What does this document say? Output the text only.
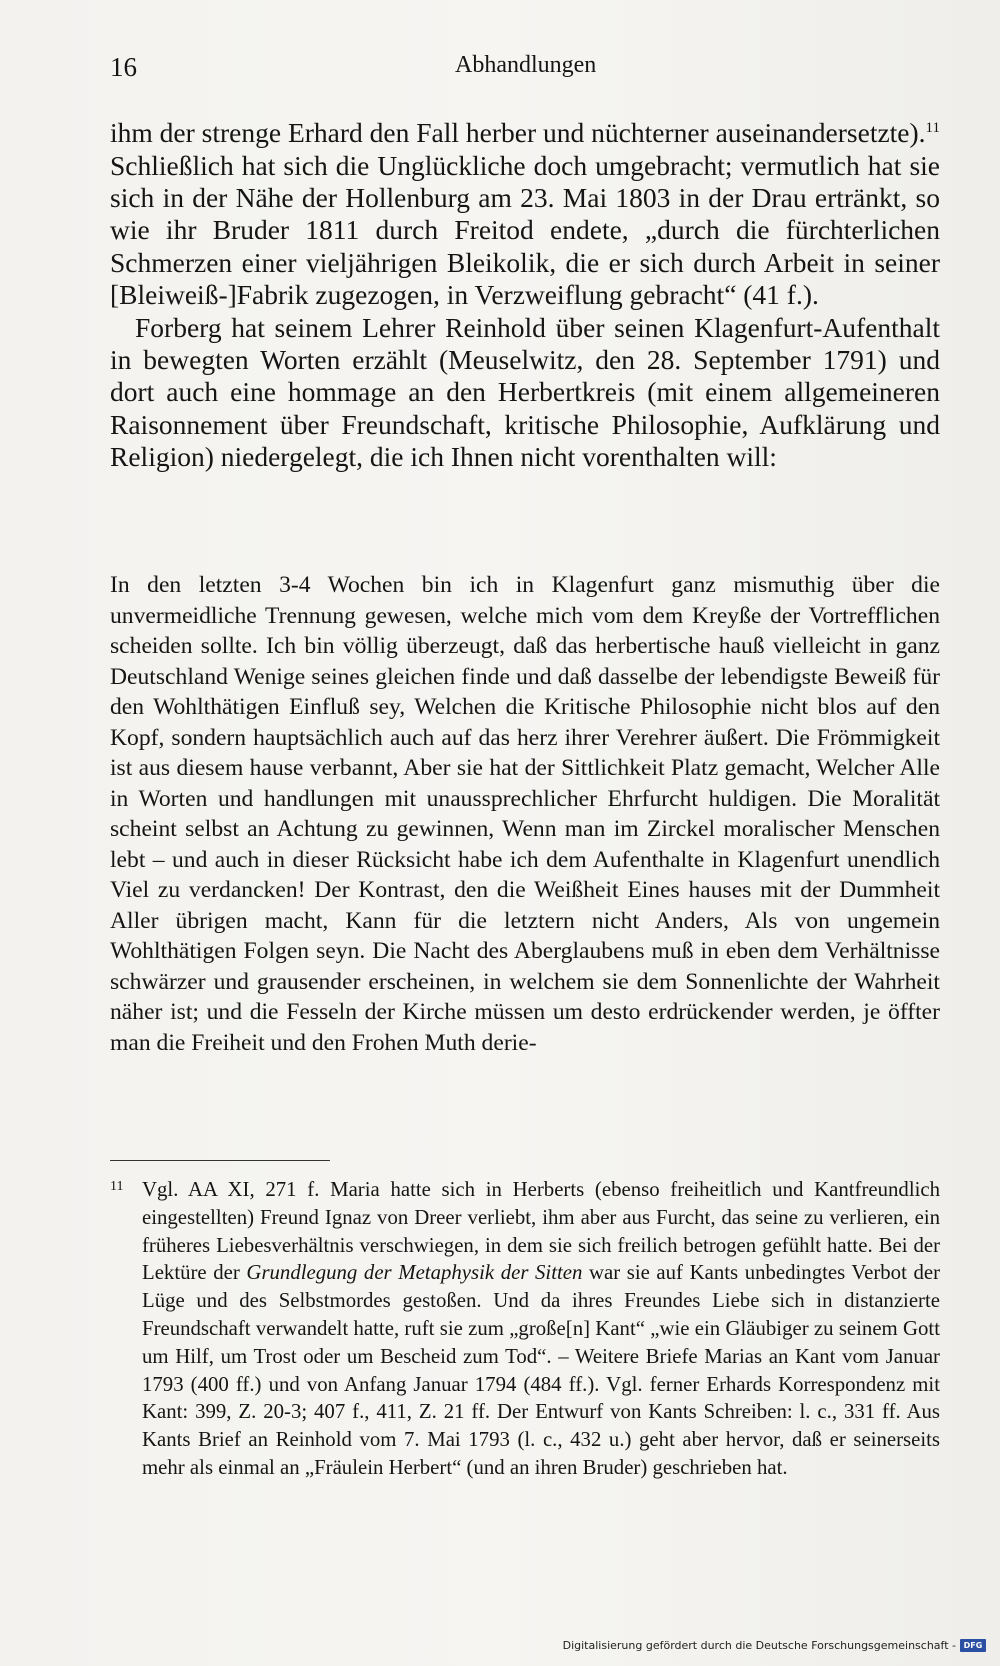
16	Abhandlungen

ihm der strenge Erhard den Fall herber und nüchterner auseinandersetzte).$^{11}$ Schließlich hat sich die Unglückliche doch umgebracht; vermutlich hat sie sich in der Nähe der Hollenburg am 23. Mai 1803 in der Drau ertränkt, so wie ihr Bruder 1811 durch Freitod endete, „durch die fürchterlichen Schmerzen einer vieljährigen Bleikolik, die er sich durch Arbeit in seiner [Bleiweiß-]Fabrik zugezogen, in Verzweiflung gebracht“ (41 f.).

Forberg hat seinem Lehrer Reinhold über seinen Klagenfurt-Aufenthalt in bewegten Worten erzählt (Meuselwitz, den 28. September 1791) und dort auch eine hommage an den Herbertkreis (mit einem allgemeineren Raisonnement über Freundschaft, kritische Philosophie, Aufklärung und Religion) niedergelegt, die ich Ihnen nicht vorenthalten will:

In den letzten 3-4 Wochen bin ich in Klagenfurt ganz mismuthig über die unvermeidliche Trennung gewesen, welche mich vom dem Kreyße der Vortrefflichen scheiden sollte. Ich bin völlig überzeugt, daß das herbertische hauß vielleicht in ganz Deutschland Wenige seines gleichen finde und daß dasselbe der lebendigste Beweiß für den Wohlthätigen Einfluß sey, Welchen die Kritische Philosophie nicht blos auf den Kopf, sondern hauptsächlich auch auf das herz ihrer Verehrer äußert. Die Frömmigkeit ist aus diesem hause verbannt, Aber sie hat der Sittlichkeit Platz gemacht, Welcher Alle in Worten und handlungen mit unaussprechlicher Ehrfurcht huldigen. Die Moralität scheint selbst an Achtung zu gewinnen, Wenn man im Zirckel moralischer Menschen lebt – und auch in dieser Rücksicht habe ich dem Aufenthalte in Klagenfurt unendlich Viel zu verdancken! Der Kontrast, den die Weißheit Eines hauses mit der Dummheit Aller übrigen macht, Kann für die letztern nicht Anders, Als von ungemein Wohlthätigen Folgen seyn. Die Nacht des Aberglaubens muß in eben dem Verhältnisse schwärzer und grausender erscheinen, in welchem sie dem Sonnenlichte der Wahrheit näher ist; und die Fesseln der Kirche müssen um desto erdrückender werden, je öffter man die Freiheit und den Frohen Muth derie-

11 Vgl. AA XI, 271 f. Maria hatte sich in Herberts (ebenso freiheitlich und Kantfreundlich eingestellten) Freund Ignaz von Dreer verliebt, ihm aber aus Furcht, das seine zu verlieren, ein früheres Liebesverhältnis verschwiegen, in dem sie sich freilich betrogen gefühlt hatte. Bei der Lektüre der Grundlegung der Metaphysik der Sitten war sie auf Kants unbedingtes Verbot der Lüge und des Selbstmordes gestoßen. Und da ihres Freundes Liebe sich in distanzierte Freundschaft verwandelt hatte, ruft sie zum „große[n] Kant“ „wie ein Gläubiger zu seinem Gott um Hilf, um Trost oder um Bescheid zum Tod“. – Weitere Briefe Marias an Kant vom Januar 1793 (400 ff.) und von Anfang Januar 1794 (484 ff.). Vgl. ferner Erhards Korrespondenz mit Kant: 399, Z. 20-3; 407 f., 411, Z. 21 ff. Der Entwurf von Kants Schreiben: l. c., 331 ff. Aus Kants Brief an Reinhold vom 7. Mai 1793 (l. c., 432 u.) geht aber hervor, daß er seinerseits mehr als einmal an „Fräulein Herbert“ (und an ihren Bruder) geschrieben hat.

Digitalisierung gefördert durch die Deutsche Forschungsgemeinschaft - DFG
